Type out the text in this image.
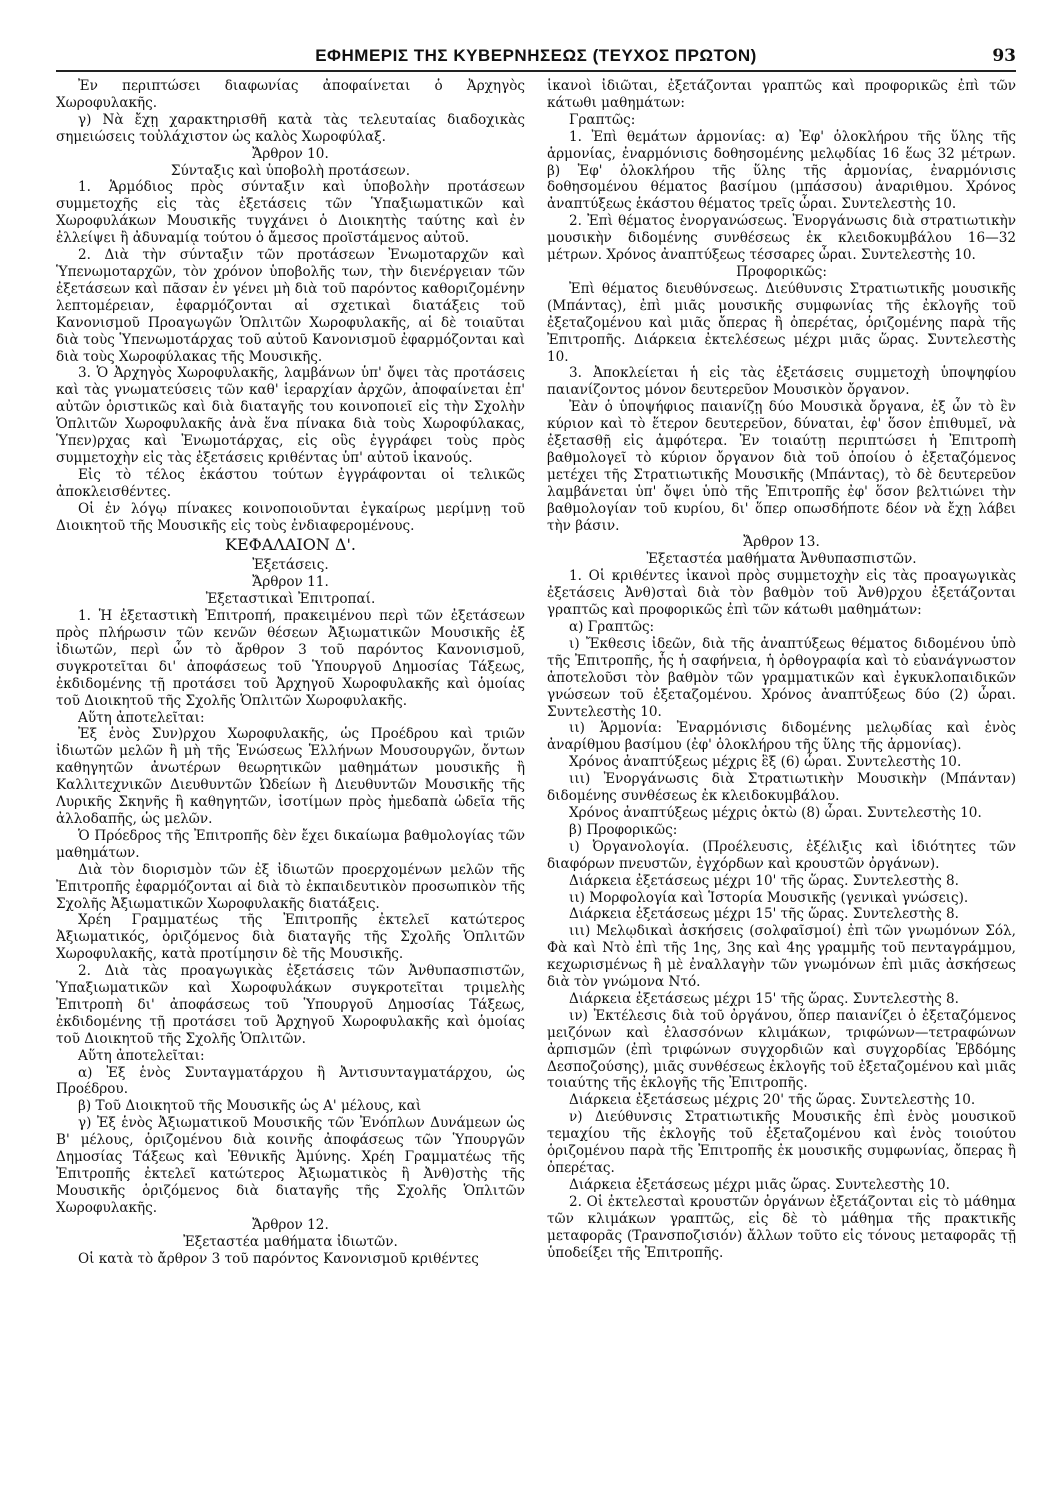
ΕΦΗΜΕΡΙΣ ΤΗΣ ΚΥΒΕΡΝΗΣΕΩΣ (ΤΕΥΧΟΣ ΠΡΩΤΟΝ)	93

Ἐν περιπτώσει διαφωνίας ἀποφαίνεται ὁ Ἀρχηγὸς Χωροφυλακῆς.

γ) Νὰ ἔχῃ χαρακτηρισθῆ κατὰ τὰς τελευταίας διαδοχικὰς σημειώσεις τοὐλάχιστον ὡς καλὸς Χωροφύλαξ.

Ἄρθρον 10.

Σύνταξις καὶ ὑποβολὴ προτάσεων.

1. Ἁρμόδιος πρὸς σύνταξιν καὶ ὑποβολὴν προτάσεων συμμετοχῆς εἰς τὰς ἐξετάσεις τῶν Ὑπαξιωματικῶν καὶ Χωροφυλάκων Μουσικῆς τυγχάνει ὁ Διοικητὴς ταύτης καὶ ἐν ἐλλείψει ἢ ἀδυναμίᾳ τούτου ὁ ἄμεσος προϊστάμενος αὐτοῦ.

2. Διὰ τὴν σύνταξιν τῶν προτάσεων Ἐνωμοταρχῶν καὶ Ὑπενωμοταρχῶν, τὸν χρόνον ὑποβολῆς των, τὴν διενέργειαν τῶν ἐξετάσεων καὶ πᾶσαν ἐν γένει μὴ διὰ τοῦ παρόντος καθοριζομένην λεπτομέρειαν, ἐφαρμόζονται αἱ σχετικαὶ διατάξεις τοῦ Κανονισμοῦ Προαγωγῶν Ὁπλιτῶν Χωροφυλακῆς, αἱ δὲ τοιαῦται διὰ τοὺς Ὑπενωμοτάρχας τοῦ αὐτοῦ Κανονισμοῦ ἐφαρμόζονται καὶ διὰ τοὺς Χωροφύλακας τῆς Μουσικῆς.

3. Ὁ Ἀρχηγὸς Χωροφυλακῆς, λαμβάνων ὑπ' ὄψει τὰς προτάσεις καὶ τὰς γνωματεύσεις τῶν καθ' ἱεραρχίαν ἀρχῶν, ἀποφαίνεται ἐπ' αὐτῶν ὁριστικῶς καὶ διὰ διαταγῆς του κοινοποιεῖ εἰς τὴν Σχολὴν Ὁπλιτῶν Χωροφυλακῆς ἀνὰ ἕνα πίνακα διὰ τοὺς Χωροφύλακας, Ὑπεν)ρχας καὶ Ἐνωμοτάρχας, εἰς οὓς ἐγγράφει τοὺς πρὸς συμμετοχὴν εἰς τὰς ἐξετάσεις κριθέντας ὑπ' αὐτοῦ ἱκανούς.

Εἰς τὸ τέλος ἑκάστου τούτων ἐγγράφονται οἱ τελικῶς ἀποκλεισθέντες.

Οἱ ἐν λόγῳ πίνακες κοινοποιοῦνται ἐγκαίρως μερίμνῃ τοῦ Διοικητοῦ τῆς Μουσικῆς εἰς τοὺς ἐνδιαφερομένους.

ΚΕΦΑΛΑΙΟΝ Δ'.

Ἐξετάσεις.

Ἄρθρον 11.

Ἐξεταστικαὶ Ἐπιτροπαί.

1. Ἡ ἐξεταστικὴ Ἐπιτροπή, πρακειμένου περὶ τῶν ἐξετάσεων πρὸς πλήρωσιν τῶν κενῶν θέσεων Ἀξιωματικῶν Μουσικῆς ἐξ ἰδιωτῶν, περὶ ὧν τὸ ἄρθρον 3 τοῦ παρόντος Κανονισμοῦ, συγκροτεῖται δι' ἀποφάσεως τοῦ Ὑπουργοῦ Δημοσίας Τάξεως, ἐκδιδομένης τῇ προτάσει τοῦ Ἀρχηγοῦ Χωροφυλακῆς καὶ ὁμοίας τοῦ Διοικητοῦ τῆς Σχολῆς Ὁπλιτῶν Χωροφυλακῆς.

Αὕτη ἀποτελεῖται:

Ἐξ ἑνὸς Συν)ρχου Χωροφυλακῆς, ὡς Προέδρου καὶ τριῶν ἰδιωτῶν μελῶν ἢ μὴ τῆς Ἑνώσεως Ἑλλήνων Μουσουργῶν, ὄντων καθηγητῶν ἀνωτέρων θεωρητικῶν μαθημάτων μουσικῆς ἢ Καλλιτεχνικῶν Διευθυντῶν Ὠδείων ἢ Διευθυντῶν Μουσικῆς τῆς Λυρικῆς Σκηνῆς ἢ καθηγητῶν, ἰσοτίμων πρὸς ἠμεδαπὰ ὠδεῖα τῆς ἀλλοδαπῆς, ὡς μελῶν.

Ὁ Πρόεδρος τῆς Ἐπιτροπῆς δὲν ἔχει δικαίωμα βαθμολογίας τῶν μαθημάτων.

Διὰ τὸν διορισμὸν τῶν ἐξ ἰδιωτῶν προερχομένων μελῶν τῆς Ἐπιτροπῆς ἐφαρμόζονται αἱ διὰ τὸ ἐκπαιδευτικὸν προσωπικὸν τῆς Σχολῆς Ἀξιωματικῶν Χωροφυλακῆς διατάξεις.

Χρέη Γραμματέως τῆς Ἐπιτροπῆς ἐκτελεῖ κατώτερος Ἀξιωματικός, ὁριζόμενος διὰ διαταγῆς τῆς Σχολῆς Ὁπλιτῶν Χωροφυλακῆς, κατὰ προτίμησιν δὲ τῆς Μουσικῆς.

2. Διὰ τὰς προαγωγικὰς ἐξετάσεις τῶν Ἀνθυπασπιστῶν, Ὑπαξιωματικῶν καὶ Χωροφυλάκων συγκροτεῖται τριμελὴς Ἐπιτροπὴ δι' ἀποφάσεως τοῦ Ὑπουργοῦ Δημοσίας Τάξεως, ἐκδιδομένης τῇ προτάσει τοῦ Ἀρχηγοῦ Χωροφυλακῆς καὶ ὁμοίας τοῦ Διοικητοῦ τῆς Σχολῆς Ὁπλιτῶν.

Αὕτη ἀποτελεῖται:

α) Ἐξ ἑνὸς Συνταγματάρχου ἢ Ἀντισυνταγματάρχου, ὡς Προέδρου.

β) Τοῦ Διοικητοῦ τῆς Μουσικῆς ὡς Α' μέλους, καὶ

γ) Ἐξ ἑνὸς Ἀξιωματικοῦ Μουσικῆς τῶν Ἐνόπλων Δυνάμεων ὡς Β' μέλους, ὁριζομένου διὰ κοινῆς ἀποφάσεως τῶν Ὑπουργῶν Δημοσίας Τάξεως καὶ Ἐθνικῆς Ἀμύνης. Χρέη Γραμματέως τῆς Ἐπιτροπῆς ἐκτελεῖ κατώτερος Ἀξιωματικὸς ἢ Ἀνθ)στὴς τῆς Μουσικῆς ὁριζόμενος διὰ διαταγῆς τῆς Σχολῆς Ὁπλιτῶν Χωροφυλακῆς.

Ἄρθρον 12.

Ἐξεταστέα μαθήματα ἰδιωτῶν.

Οἱ κατὰ τὸ ἄρθρον 3 τοῦ παρόντος Κανονισμοῦ κριθέντες

ἱκανοὶ ἰδιῶται, ἐξετάζονται γραπτῶς καὶ προφορικῶς ἐπὶ τῶν κάτωθι μαθημάτων:

Γραπτῶς:

1. Ἐπὶ θεμάτων ἁρμονίας: α) Ἐφ' ὁλοκλήρου τῆς ὕλης τῆς ἁρμονίας, ἐναρμόνισις δοθησομένης μελῳδίας 16 ἕως 32 μέτρων. β) Ἐφ' ὁλοκλήρου τῆς ὕλης τῆς ἁρμονίας, ἐναρμόνισις δοθησομένου θέματος βασίμου (μπάσσου) ἀναριθμου. Χρόνος ἀναπτύξεως ἑκάστου θέματος τρεῖς ὧραι. Συντελεστὴς 10.

2. Ἐπὶ θέματος ἐνοργανώσεως. Ἐνοργάνωσις διὰ στρατιωτικὴν μουσικὴν διδομένης συνθέσεως ἐκ κλειδοκυμβάλου 16—32 μέτρων. Χρόνος ἀναπτύξεως τέσσαρες ὧραι. Συντελεστὴς 10.

Προφορικῶς:

Ἐπὶ θέματος διευθύνσεως. Διεύθυνσις Στρατιωτικῆς μουσικῆς (Μπάντας), ἐπὶ μιᾶς μουσικῆς συμφωνίας τῆς ἐκλογῆς τοῦ ἐξεταζομένου καὶ μιᾶς ὄπερας ἢ ὀπερέτας, ὁριζομένης παρὰ τῆς Ἐπιτροπῆς. Διάρκεια ἐκτελέσεως μέχρι μιᾶς ὥρας. Συντελεστὴς 10.

3. Ἀποκλείεται ἡ εἰς τὰς ἐξετάσεις συμμετοχὴ ὑποψηφίου παιανίζοντος μόνον δευτερεῦον Μουσικὸν ὄργανον.

Ἐὰν ὁ ὑποψήφιος παιανίζῃ δύο Μουσικὰ ὄργανα, ἐξ ὧν τὸ ἓν κύριον καὶ τὸ ἕτερον δευτερεῦον, δύναται, ἐφ' ὅσον ἐπιθυμεῖ, νὰ ἐξετασθῇ εἰς ἀμφότερα. Ἐν τοιαύτῃ περιπτώσει ἡ Ἐπιτροπὴ βαθμολογεῖ τὸ κύριον ὄργανον διὰ τοῦ ὁποίου ὁ ἐξεταζόμενος μετέχει τῆς Στρατιωτικῆς Μουσικῆς (Μπάντας), τὸ δὲ δευτερεῦον λαμβάνεται ὑπ' ὄψει ὑπὸ τῆς Ἐπιτροπῆς ἐφ' ὅσον βελτιώνει τὴν βαθμολογίαν τοῦ κυρίου, δι' ὅπερ οπωσδήποτε δέον νὰ ἔχῃ λάβει τὴν βάσιν.

Ἄρθρον 13.

Ἐξεταστέα μαθήματα Ἀνθυπασπιστῶν.

1. Οἱ κριθέντες ἱκανοὶ πρὸς συμμετοχὴν εἰς τὰς προαγωγικὰς ἐξετάσεις Ἀνθ)σταὶ διὰ τὸν βαθμὸν τοῦ Ἀνθ)ρχου ἐξετάζονται γραπτῶς καὶ προφορικῶς ἐπὶ τῶν κάτωθι μαθημάτων:

α) Γραπτῶς:

ι) Ἔκθεσις ἰδεῶν, διὰ τῆς ἀναπτύξεως θέματος διδομένου ὑπὸ τῆς Ἐπιτροπῆς, ἧς ἡ σαφήνεια, ἡ ὀρθογραφία καὶ τὸ εὐανάγνωστον ἀποτελοῦσι τὸν βαθμὸν τῶν γραμματικῶν καὶ ἐγκυκλοπαιδικῶν γνώσεων τοῦ ἐξεταζομένου. Χρόνος ἀναπτύξεως δύο (2) ὧραι. Συντελεστὴς 10.

ιι) Ἁρμονία: Ἐναρμόνισις διδομένης μελῳδίας καὶ ἑνὸς ἀναρίθμου βασίμου (ἐφ' ὁλοκλήρου τῆς ὕλης τῆς ἁρμονίας).

Χρόνος ἀναπτύξεως μέχρις ἓξ (6) ὧραι. Συντελεστὴς 10.

ιιι) Ἐνοργάνωσις διὰ Στρατιωτικὴν Μουσικὴν (Μπάνταν) διδομένης συνθέσεως ἐκ κλειδοκυμβάλου.

Χρόνος ἀναπτύξεως μέχρις ὀκτὼ (8) ὧραι. Συντελεστὴς 10.

β) Προφορικῶς:

ι) Ὀργανολογία. (Προέλευσις, ἐξέλιξις καὶ ἰδιότητες τῶν διαφόρων πνευστῶν, ἐγχόρδων καὶ κρουστῶν ὀργάνων).

Διάρκεια ἐξετάσεως μέχρι 10' τῆς ὥρας. Συντελεστὴς 8.

ιι) Μορφολογία καὶ Ἱστορία Μουσικῆς (γενικαὶ γνώσεις).

Διάρκεια ἐξετάσεως μέχρι 15' τῆς ὥρας. Συντελεστὴς 8.

ιιι) Μελῳδικαὶ ἀσκήσεις (σολφαῖσμοί) ἐπὶ τῶν γνωμόνων Σόλ, Φὰ καὶ Ντὸ ἐπὶ τῆς 1ης, 3ης καὶ 4ης γραμμῆς τοῦ πενταγράμμου, κεχωρισμένως ἢ μὲ ἐναλλαγὴν τῶν γνωμόνων ἐπὶ μιᾶς ἀσκήσεως διὰ τὸν γνώμονα Ντό.

Διάρκεια ἐξετάσεως μέχρι 15' τῆς ὥρας. Συντελεστὴς 8.

ιν) Ἐκτέλεσις διὰ τοῦ ὀργάνου, ὅπερ παιανίζει ὁ ἐξεταζόμενος μειζόνων καὶ ἐλασσόνων κλιμάκων, τριφώνων—τετραφώνων ἀρπισμῶν (ἐπὶ τριφώνων συγχορδιῶν καὶ συγχορδίας Ἑβδόμης Δεσποζούσης), μιᾶς συνθέσεως ἐκλογῆς τοῦ ἐξεταζομένου καὶ μιᾶς τοιαύτης τῆς ἐκλογῆς τῆς Ἐπιτροπῆς.

Διάρκεια ἐξετάσεως μέχρις 20' τῆς ὥρας. Συντελεστὴς 10.

ν) Διεύθυνσις Στρατιωτικῆς Μουσικῆς ἐπὶ ἑνὸς μουσικοῦ τεμαχίου τῆς ἐκλογῆς τοῦ ἐξεταζομένου καὶ ἑνὸς τοιούτου ὁριζομένου παρὰ τῆς Ἐπιτροπῆς ἐκ μουσικῆς συμφωνίας, ὄπερας ἢ ὀπερέτας.

Διάρκεια ἐξετάσεως μέχρι μιᾶς ὥρας. Συντελεστὴς 10.

2. Οἱ ἐκτελεσταὶ κρουστῶν ὀργάνων ἐξετάζονται εἰς τὸ μάθημα τῶν κλιμάκων γραπτῶς, εἰς δὲ τὸ μάθημα τῆς πρακτικῆς μεταφορᾶς (Τρανσποζισιόν) ἄλλων τοῦτο εἰς τόνους μεταφορᾶς τῇ ὑποδείξει τῆς Ἐπιτροπῆς.
